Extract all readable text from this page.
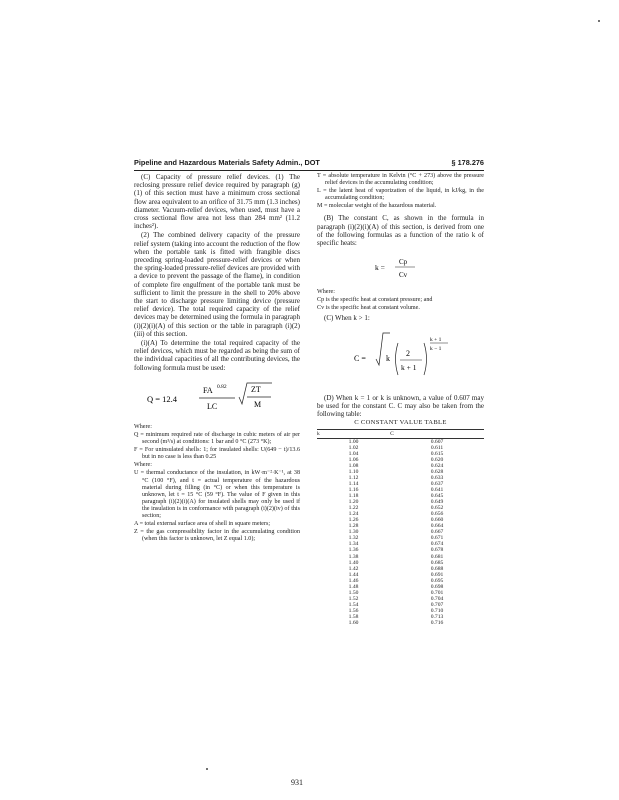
Pipeline and Hazardous Materials Safety Admin., DOT	§ 178.276

(C) Capacity of pressure relief devices. (1) The reclosing pressure relief device required by paragraph (g)(1) of this section must have a minimum cross sectional flow area equivalent to an orifice of 31.75 mm (1.3 inches) diameter. Vacuum-relief devices, when used, must have a cross sectional flow area not less than 284 mm² (11.2 inches²).

(2) The combined delivery capacity of the pressure relief system (taking into account the reduction of the flow when the portable tank is fitted with frangible discs preceding spring-loaded pressure-relief devices or when the spring-loaded pressure-relief devices are provided with a device to prevent the passage of the flame), in condition of complete fire engulfment of the portable tank must be sufficient to limit the pressure in the shell to 20% above the start to discharge pressure limiting device (pressure relief device). The total required capacity of the relief devices may be determined using the formula in paragraph (i)(2)(i)(A) of this section or the table in paragraph (i)(2)(iii) of this section.

(i)(A) To determine the total required capacity of the relief devices, which must be regarded as being the sum of the individual capacities of all the contributing devices, the following formula must be used:

Q = 12.4
FA 0.82
LC
ZT
M

Where:

Q = minimum required rate of discharge in cubic meters of air per second (m³/s) at conditions: 1 bar and 0 °C (273 °K);

F = For uninsulated shells: 1; for insulated shells: U(649 − t)/13.6 but in no case is less than 0.25

Where:

U = thermal conductance of the insulation, in kW·m⁻²·K⁻¹, at 38 °C (100 °F), and t = actual temperature of the hazardous material during filling (in °C) or when this temperature is unknown, let t = 15 °C (59 °F). The value of F given in this paragraph (i)(2)(i)(A) for insulated shells may only be used if the insulation is in conformance with paragraph (i)(2)(iv) of this section;

A = total external surface area of shell in square meters;

Z = the gas compressibility factor in the accumulating condition (when this factor is unknown, let Z equal 1.0);

T = absolute temperature in Kelvin (°C + 273) above the pressure relief devices in the accumulating condition;

L = the latent heat of vaporization of the liquid, in kJ/kg, in the accumulating condition;

M = molecular weight of the hazardous material.

(B) The constant C, as shown in the formula in paragraph (i)(2)(i)(A) of this section, is derived from one of the following formulas as a function of the ratio k of specific heats:

k =
Cp
Cv

Where:

Cp is the specific heat at constant pressure; and

Cv is the specific heat at constant volume.

(C) When k > 1:

C =	k
2
k + 1
k + 1
k − 1

(D) When k = 1 or k is unknown, a value of 0.607 may be used for the constant C. C may also be taken from the following table:

C CONSTANT VALUE TABLE

k	C
1.00	0.607
1.02	0.611
1.04	0.615
1.06	0.620
1.08	0.624
1.10	0.628
1.12	0.633
1.14	0.637
1.16	0.641
1.18	0.645
1.20	0.649
1.22	0.652
1.24	0.656
1.26	0.660
1.28	0.664
1.30	0.667
1.32	0.671
1.34	0.674
1.36	0.678
1.38	0.681
1.40	0.685
1.42	0.688
1.44	0.691
1.46	0.695
1.48	0.698
1.50	0.701
1.52	0.704
1.54	0.707
1.56	0.710
1.58	0.713
1.60	0.716
931
